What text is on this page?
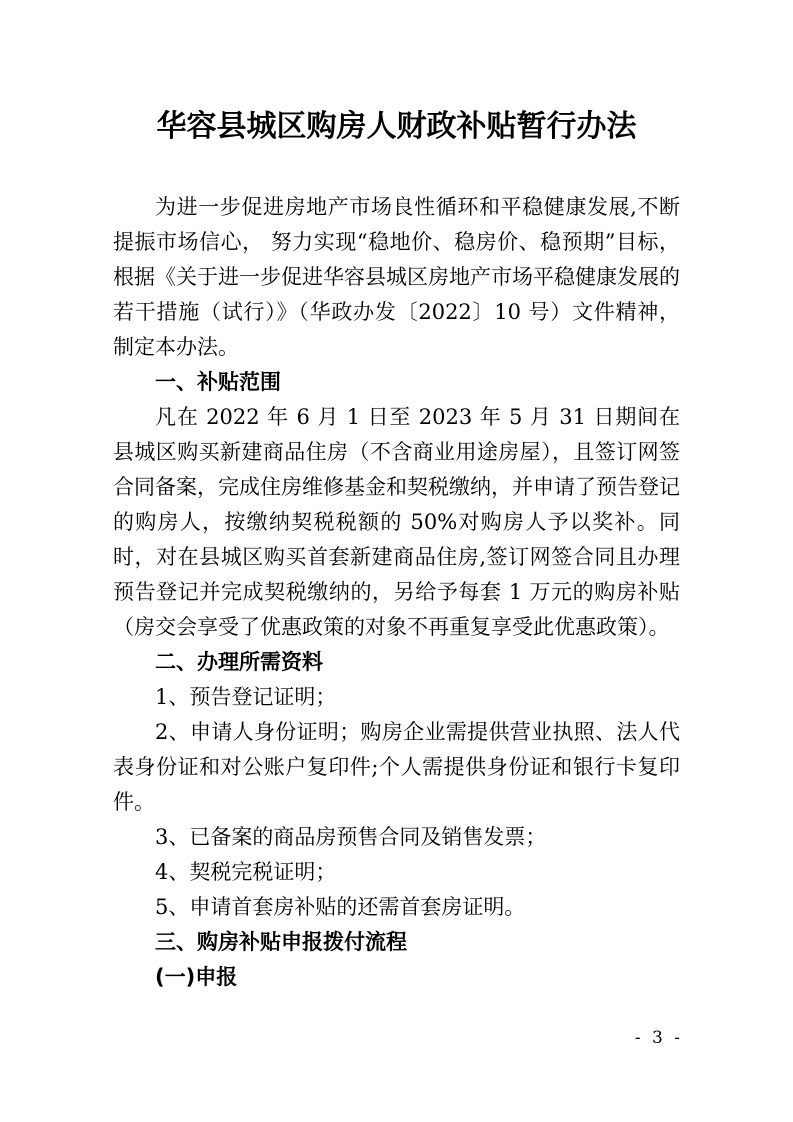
华容县城区购房人财政补贴暂行办法

为进一步促进房地产市场良性循环和平稳健康发展,不断提振市场信心， 努力实现“稳地价、稳房价、稳预期”目标，根据《关于进一步促进华容县城区房地产市场平稳健康发展的若干措施（试行）》（华政办发〔2022〕10 号）文件精神，制定本办法。

一、补贴范围

凡在 2022 年 6 月 1 日至 2023 年 5 月 31 日期间在县城区购买新建商品住房（不含商业用途房屋），且签订网签合同备案，完成住房维修基金和契税缴纳，并申请了预告登记的购房人，按缴纳契税税额的 50%对购房人予以奖补。同时，对在县城区购买首套新建商品住房,签订网签合同且办理预告登记并完成契税缴纳的，另给予每套 1 万元的购房补贴（房交会享受了优惠政策的对象不再重复享受此优惠政策）。

二、办理所需资料

1、预告登记证明；

2、申请人身份证明；购房企业需提供营业执照、法人代表身份证和对公账户复印件;个人需提供身份证和银行卡复印件。

3、已备案的商品房预售合同及销售发票；

4、契税完税证明；

5、申请首套房补贴的还需首套房证明。

三、购房补贴申报拨付流程

(一)申报

- 3 -
